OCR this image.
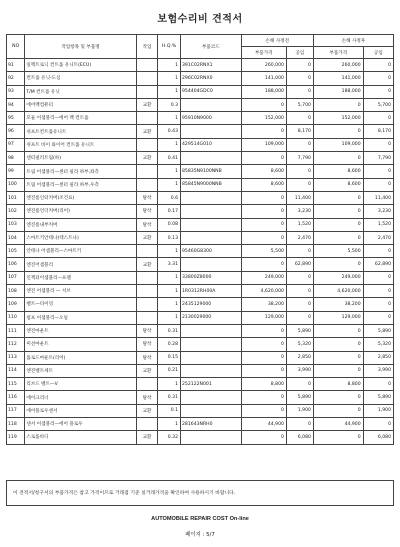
보험수리비 견적서
NO	작업항목 및 부품명	작업	H.Q.%	부품코드	손해 사정전		손해 사정후	
					부품가격	공임	부품가격	공임
91	일렉트로닉 컨트롤 유니트(ECU)		1	391C02RNX1	260,000	0	260,000	0
92	컨트롤 유닛-도심		1	296C02RNX0	141,000	0	141,000	0
93	T/M 컨트롤 유닛		1	954404GDC0	188,000	0	188,000	0
94	에어백컴퓨터	교환	0.3		0	5,700	0	5,700
95	모듈 어셈블리—에어 백 컨트롤		1	95910N9000	152,000	0	152,000	0
96	쉬프트컨트롤유니트	교환	0.43		0	8,170	0	8,170
97	쉬프트 바이 와이어 컨트롤 유니트		1	429514G010	109,000	0	109,000	0
98	센터필러트림(하)	교환	0.41		0	7,790	0	7,790
99	트림 어셈블리—센터 필라 하부,좌측		1	85835N9100NNB	8,600	0	8,600	0
100	트림 어셈블리—센터 필라 하부,우측		1	85845N9000NNB	8,600	0	8,600	0
101	엔진룸인터커버(조건표)	탈착	0.6		0	11,400	0	11,400
102	엔진룸언더커버(리어)	탈착	0.17		0	3,230	0	3,230
103	엔진룸내부커버	탈착	0.08		0	1,520	0	1,520
104	스마트키안테나(텍스트나)	교환	0.13		0	2,470	0	2,470
105	안테나 어셈블리—스마트키		1	95460G8300	5,500	0	5,500	0
106	엔진어셈블리	교환	3.31		0	62,890	0	62,890
107	인젝터어셈블리—프렐		1	33800Z8000	249,000	0	249,000	0
108	엔진 어셈블리 — 서브		1	1R0312RH00A	4,620,000	0	4,620,000	0
109	벨트—타이밍		1	2435129000	38,200	0	38,200	0
110	펌프 어셈블리—오일		1	2130029000	129,000	0	129,000	0
111	엔진마운트	탈착	0.31		0	5,890	0	5,890
112	미션마운트	탈착	0.28		0	5,320	0	5,320
113	롤로드마운트(리어)	탈착	0.15		0	2,850	0	2,850
114	엔진벨트세트	교환	0.21		0	3,990	0	3,990
115	리브드 벨트—V		1	252122N001	8,800	0	8,800	0
116	에어크리너	탈착	0.31		0	5,890	0	5,890
117	에어플로우센서	교환	0.1		0	1,900	0	1,900
118	센서 어셈블리—에어 플로우		1	281643NRH0	44,900	0	44,900	0
119	스로틀바디	교환	0.32		0	6,080	0	6,080
이 견적서/청구서의 부품가격은 참고 가격이므로 거래점 기준 실거래가격을 확인하여 사용하시기 바랍니다.
AUTOMOBILE REPAIR COST On-line
페이지 : 5/7
